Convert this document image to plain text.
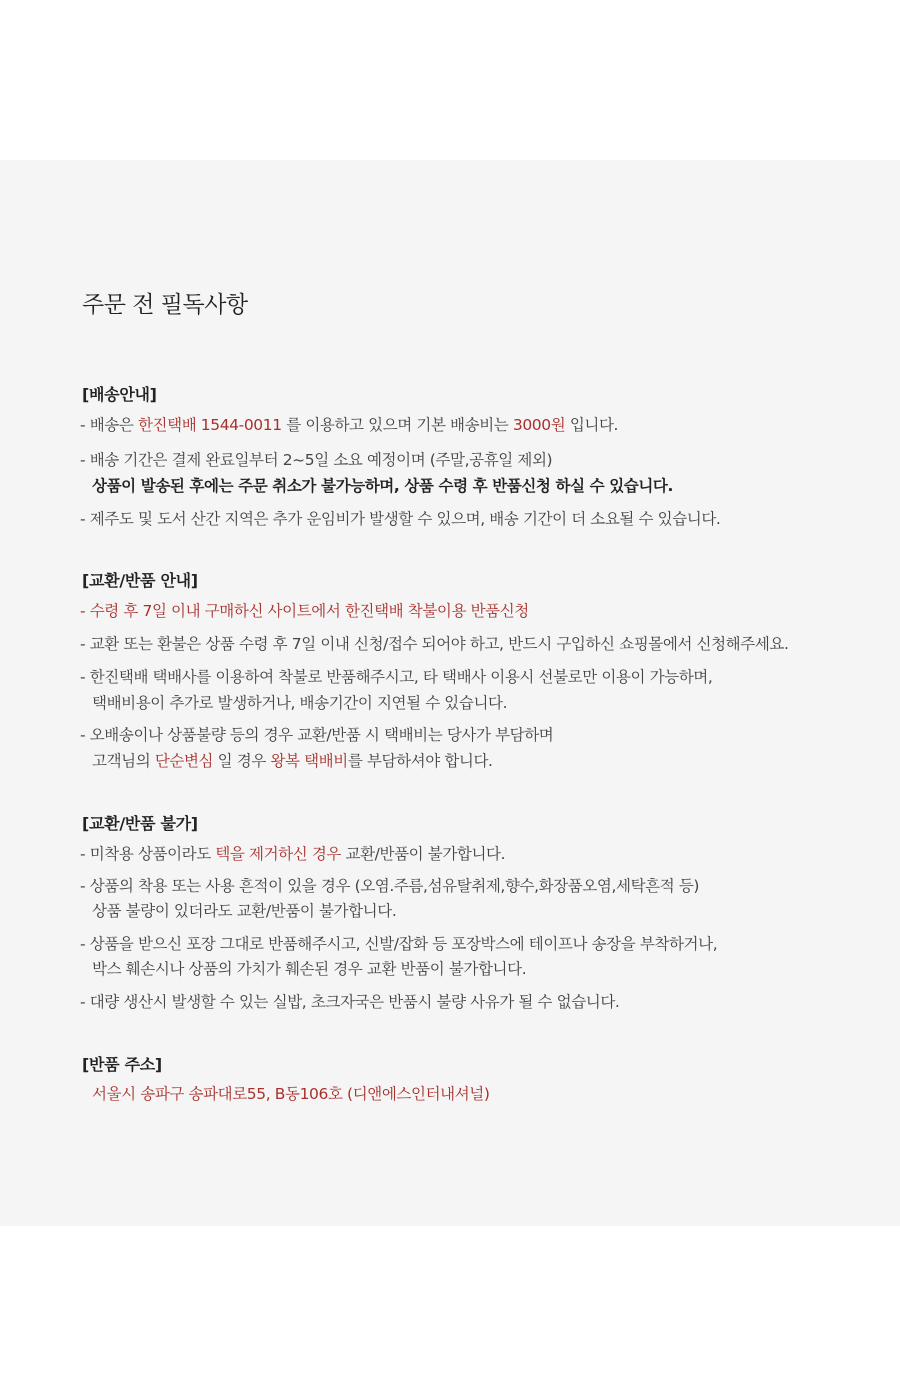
주문 전 필독사항
[배송안내]

- 배송은 한진택배 1544-0011 를 이용하고 있으며 기본 배송비는 3000원 입니다.

- 배송 기간은 결제 완료일부터 2~5일 소요 예정이며 (주말,공휴일 제외)

상품이 발송된 후에는 주문 취소가 불가능하며, 상품 수령 후 반품신청 하실 수 있습니다.

- 제주도 및 도서 산간 지역은 추가 운임비가 발생할 수 있으며, 배송 기간이 더 소요될 수 있습니다.

[교환/반품 안내]

- 수령 후 7일 이내 구매하신 사이트에서 한진택배 착불이용 반품신청

- 교환 또는 환불은 상품 수령 후 7일 이내 신청/접수 되어야 하고, 반드시 구입하신 쇼핑몰에서 신청해주세요.

- 한진택배 택배사를 이용하여 착불로 반품해주시고, 타 택배사 이용시 선불로만 이용이 가능하며,

택배비용이 추가로 발생하거나, 배송기간이 지연될 수 있습니다.

- 오배송이나 상품불량 등의 경우 교환/반품 시 택배비는 당사가 부담하며

고객님의 단순변심 일 경우 왕복 택배비를 부담하셔야 합니다.

[교환/반품 불가]

- 미착용 상품이라도 텍을 제거하신 경우 교환/반품이 불가합니다.

- 상품의 착용 또는 사용 흔적이 있을 경우 (오염.주름,섬유탈취제,향수,화장품오염,세탁흔적 등)

상품 불량이 있더라도 교환/반품이 불가합니다.

- 상품을 받으신 포장 그대로 반품해주시고, 신발/잡화 등 포장박스에 테이프나 송장을 부착하거나,

박스 훼손시나 상품의 가치가 훼손된 경우 교환 반품이 불가합니다.

- 대량 생산시 발생할 수 있는 실밥, 초크자국은 반품시 불량 사유가 될 수 없습니다.

[반품 주소]

서울시 송파구 송파대로55, B동106호 (디앤에스인터내셔널)
